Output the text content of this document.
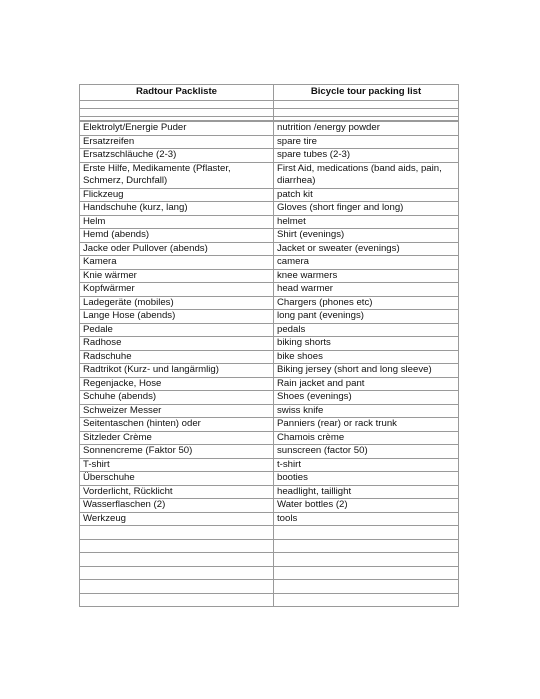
Radtour Packliste	Bicycle tour packing list

Elektrolyt/Energie Puder	nutrition /energy powder
Ersatzreifen	spare tire
Ersatzschläuche (2-3)	spare tubes (2-3)
Erste Hilfe, Medikamente (Pflaster, Schmerz, Durchfall)	First Aid, medications (band aids, pain, diarrhea)
Flickzeug	patch kit
Handschuhe (kurz, lang)	Gloves (short finger and long)
Helm	helmet
Hemd (abends)	Shirt (evenings)
Jacke oder Pullover (abends)	Jacket or sweater (evenings)
Kamera	camera
Knie wärmer	knee warmers
Kopfwärmer	head warmer
Ladegeräte (mobiles)	Chargers (phones etc)
Lange Hose (abends)	long pant (evenings)
Pedale	pedals
Radhose	biking shorts
Radschuhe	bike shoes
Radtrikot (Kurz- und langärmlig)	Biking jersey (short and long sleeve)
Regenjacke, Hose	Rain jacket and pant
Schuhe (abends)	Shoes (evenings)
Schweizer Messer	swiss knife
Seitentaschen (hinten) oder	Panniers (rear) or rack trunk
Sitzleder Crème	Chamois crème
Sonnencreme (Faktor 50)	sunscreen (factor 50)
T-shirt	t-shirt
Überschuhe	booties
Vorderlicht, Rücklicht	headlight, taillight
Wasserflaschen (2)	Water bottles (2)
Werkzeug	tools
